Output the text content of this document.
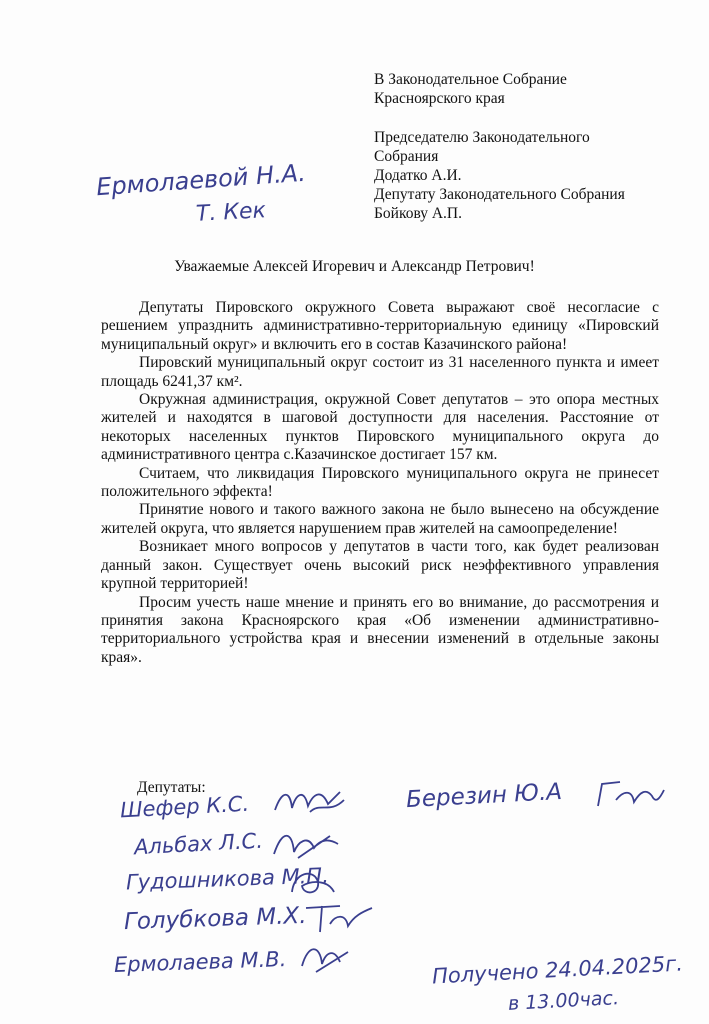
В Законодательное Собрание
Красноярского края
Председателю Законодательного
Собрания
Додатко А.И.
Депутату Законодательного Собрания
Бойкову А.П.
Ермолаевой Н.А.
Т. Кек
Уважаемые Алексей Игоревич и Александр Петрович!

Депутаты Пировского окружного Совета выражают своё несогласие с решением упразднить административно-территориальную единицу «Пировский муниципальный округ» и включить его в состав Казачинского района!

Пировский муниципальный округ состоит из 31 населенного пункта и имеет площадь 6241,37 км².

Окружная администрация, окружной Совет депутатов – это опора местных жителей и находятся в шаговой доступности для населения. Расстояние от некоторых населенных пунктов Пировского муниципального округа до административного центра с.Казачинское достигает 157 км.

Считаем, что ликвидация Пировского муниципального округа не принесет положительного эффекта!

Принятие нового и такого важного закона не было вынесено на обсуждение жителей округа, что является нарушением прав жителей на самоопределение!

Возникает много вопросов у депутатов в части того, как будет реализован данный закон. Существует очень высокий риск неэффективного управления крупной территорией!

Просим учесть наше мнение и принять его во внимание, до рассмотрения и принятия закона Красноярского края «Об изменении административно-территориального устройства края и внесении изменений в отдельные законы края».

Депутаты:
Шефер К.С.
Альбах Л.С.
Гудошникова М.П.
Голубкова М.Х.
Ермолаева М.В.
Березин Ю.А
Получено 24.04.2025г.
в 13.00час.
